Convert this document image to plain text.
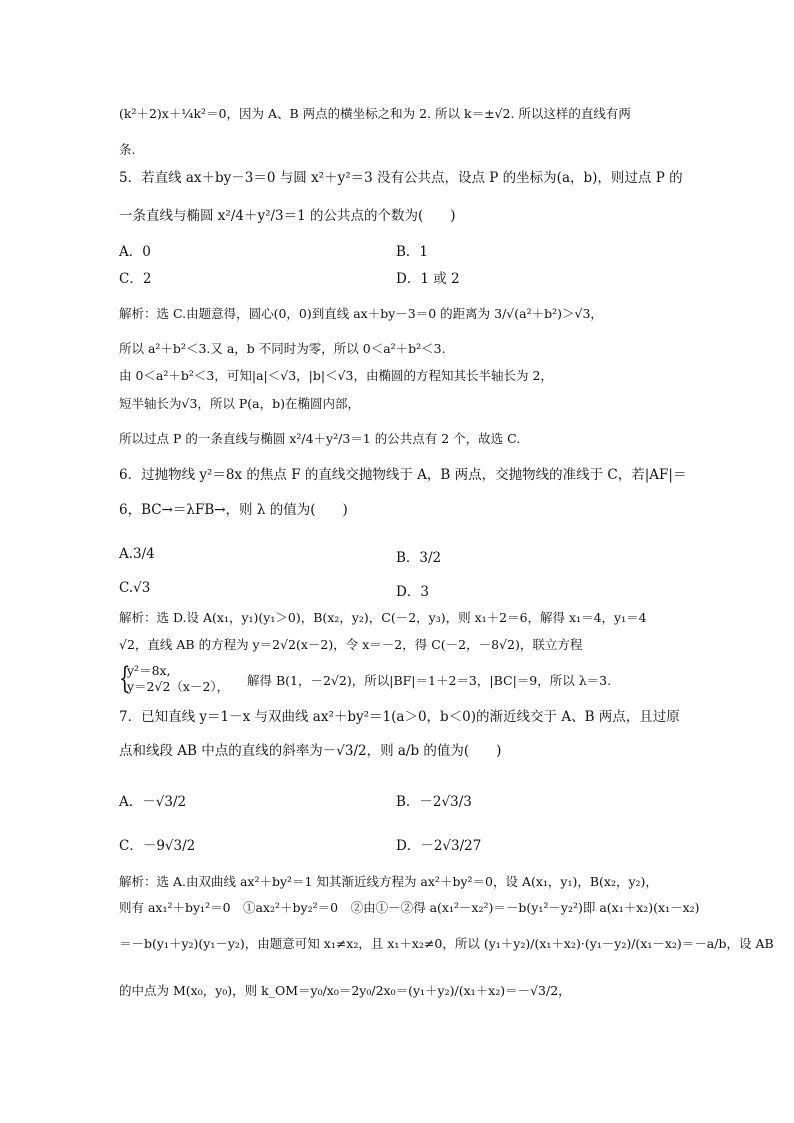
(k²＋2)x＋¼k²＝0，因为 A、B 两点的横坐标之和为 2. 所以 k＝±√2. 所以这样的直线有两
条.
5．若直线 ax＋by－3＝0 与圆 x²＋y²＝3 没有公共点，设点 P 的坐标为(a，b)，则过点 P 的
一条直线与椭圆 x²/4＋y²/3＝1 的公共点的个数为(　　)
A．0	B．1
C．2	D．1 或 2
解析：选 C.由题意得，圆心(0，0)到直线 ax＋by－3＝0 的距离为 3/√(a²＋b²)＞√3，
所以 a²＋b²＜3.又 a，b 不同时为零，所以 0＜a²＋b²＜3.
由 0＜a²＋b²＜3，可知|a|＜√3，|b|＜√3，由椭圆的方程知其长半轴长为 2，
短半轴长为√3，所以 P(a，b)在椭圆内部，
所以过点 P 的一条直线与椭圆 x²/4＋y²/3＝1 的公共点有 2 个，故选 C.
6．过抛物线 y²＝8x 的焦点 F 的直线交抛物线于 A，B 两点，交抛物线的准线于 C，若|AF|＝
6，BC→＝λFB→，则 λ 的值为(　　)
A.3/4	B．3/2
C.√3	D．3
解析：选 D.设 A(x₁，y₁)(y₁＞0)，B(x₂，y₂)，C(－2，y₃)，则 x₁＋2＝6，解得 x₁＝4，y₁＝4
√2，直线 AB 的方程为 y＝2√2(x－2)，令 x＝－2，得 C(－2，－8√2)，联立方程
{
y²＝8x,
y＝2√2（x－2）， 解得 B(1，－2√2)，所以|BF|＝1＋2＝3，|BC|＝9，所以 λ＝3.
7．已知直线 y＝1－x 与双曲线 ax²＋by²＝1(a＞0，b＜0)的渐近线交于 A、B 两点，且过原
点和线段 AB 中点的直线的斜率为－√3/2，则 a/b 的值为(　　)
A．－√3/2	B．－2√3/3
C．－9√3/2	D．－2√3/27
解析：选 A.由双曲线 ax²＋by²＝1 知其渐近线方程为 ax²＋by²＝0，设 A(x₁，y₁)，B(x₂，y₂)，
则有 ax₁²＋by₁²＝0　①ax₂²＋by₂²＝0　②由①－②得 a(x₁²－x₂²)＝－b(y₁²－y₂²)即 a(x₁＋x₂)(x₁－x₂)
＝－b(y₁＋y₂)(y₁－y₂)，由题意可知 x₁≠x₂，且 x₁＋x₂≠0，所以 (y₁＋y₂)/(x₁＋x₂)·(y₁－y₂)/(x₁－x₂)＝－a/b，设 AB
的中点为 M(x₀，y₀)，则 k_OM＝y₀/x₀＝2y₀/2x₀＝(y₁＋y₂)/(x₁＋x₂)＝－√3/2，
